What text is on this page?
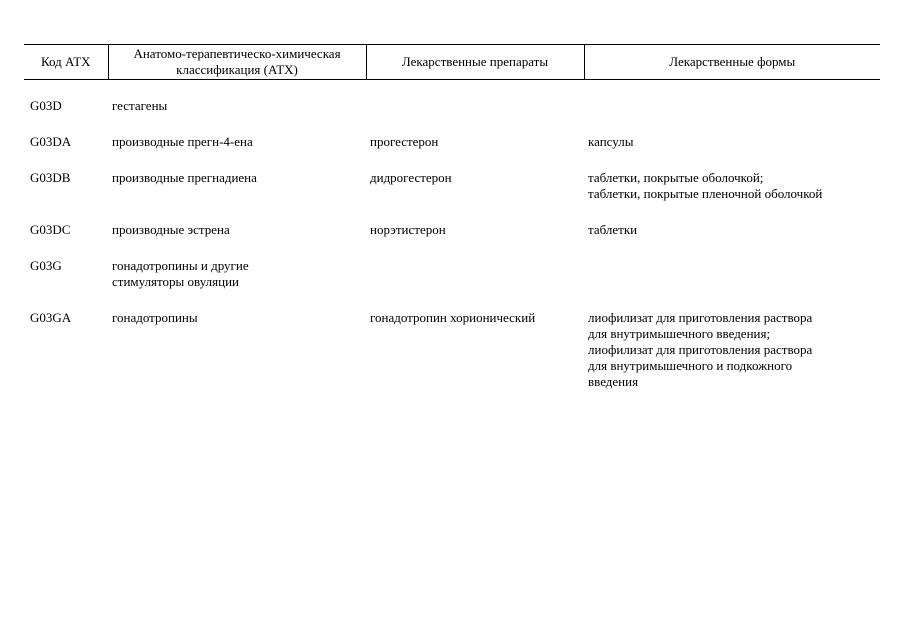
Код АТХ	Анатомо-терапевтическо-химическая классификация (АТХ)	Лекарственные препараты	Лекарственные формы
G03D	гестагены		

G03DA	производные прегн-4-ена	прогестерон	капсулы

G03DB	производные прегнадиена	дидрогестерон	таблетки, покрытые оболочкой;
таблетки, покрытые пленочной оболочкой

G03DC	производные эстрена	норэтистерон	таблетки

G03G	гонадотропины и другие
стимуляторы овуляции		

G03GA	гонадотропины	гонадотропин хорионический	лиофилизат для приготовления раствора
для внутримышечного введения;
лиофилизат для приготовления раствора
для внутримышечного и подкожного
введения
